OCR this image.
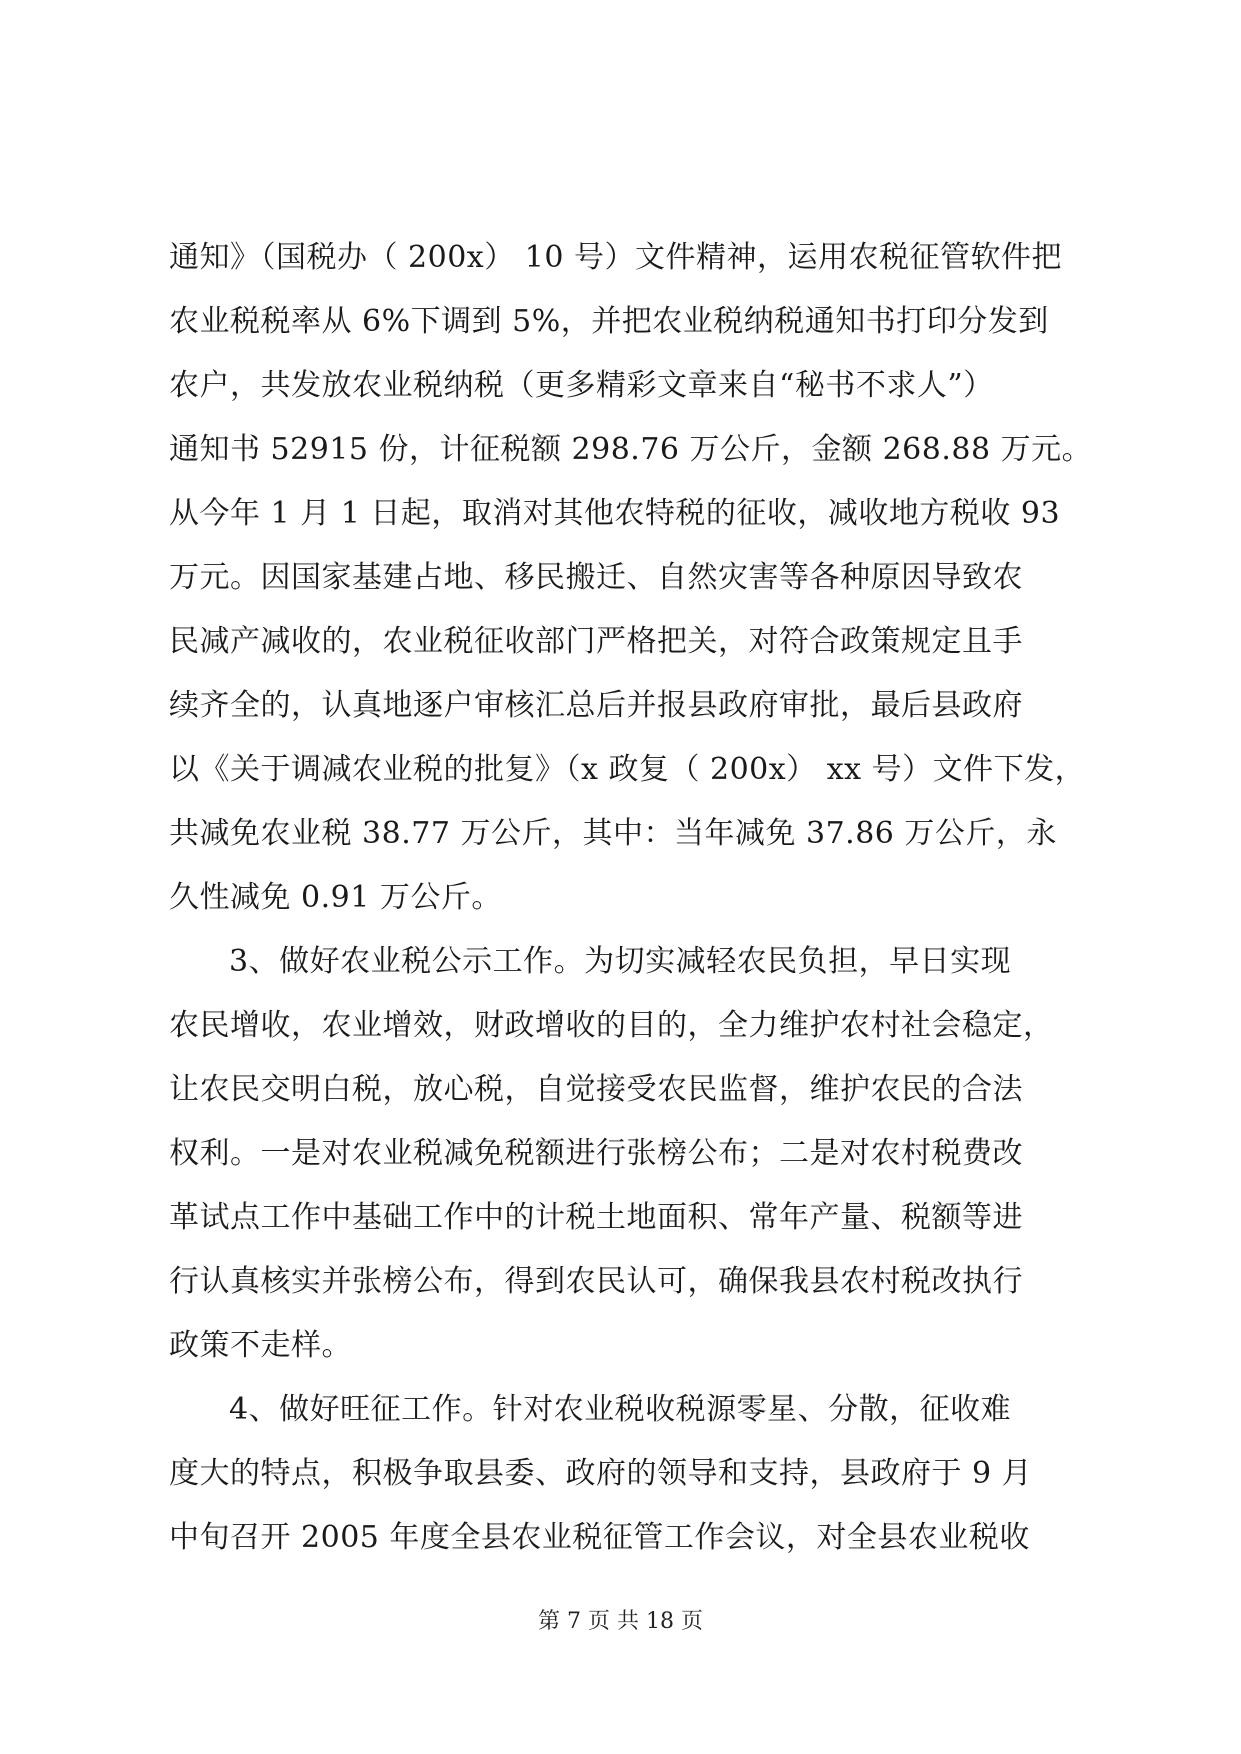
通知》（国税办（ 200x） 10 号）文件精神，运用农税征管软件把
农业税税率从 6%下调到 5%，并把农业税纳税通知书打印分发到
农户，共发放农业税纳税（更多精彩文章来自“秘书不求人”）
通知书 52915 份，计征税额 298.76 万公斤，金额 268.88 万元。
从今年 1 月 1 日起，取消对其他农特税的征收，减收地方税收 93
万元。因国家基建占地、移民搬迁、自然灾害等各种原因导致农
民减产减收的，农业税征收部门严格把关，对符合政策规定且手
续齐全的，认真地逐户审核汇总后并报县政府审批，最后县政府
以《关于调减农业税的批复》（x 政复（ 200x） xx 号）文件下发，
共减免农业税 38.77 万公斤，其中：当年减免 37.86 万公斤，永
久性减免 0.91 万公斤。
3、做好农业税公示工作。为切实减轻农民负担，早日实现
农民增收，农业增效，财政增收的目的，全力维护农村社会稳定，
让农民交明白税，放心税，自觉接受农民监督，维护农民的合法
权利。一是对农业税减免税额进行张榜公布；二是对农村税费改
革试点工作中基础工作中的计税土地面积、常年产量、税额等进
行认真核实并张榜公布，得到农民认可，确保我县农村税改执行
政策不走样。
4、做好旺征工作。针对农业税收税源零星、分散，征收难
度大的特点，积极争取县委、政府的领导和支持，县政府于 9 月
中旬召开 2005 年度全县农业税征管工作会议，对全县农业税收
第 7 页 共 18 页
